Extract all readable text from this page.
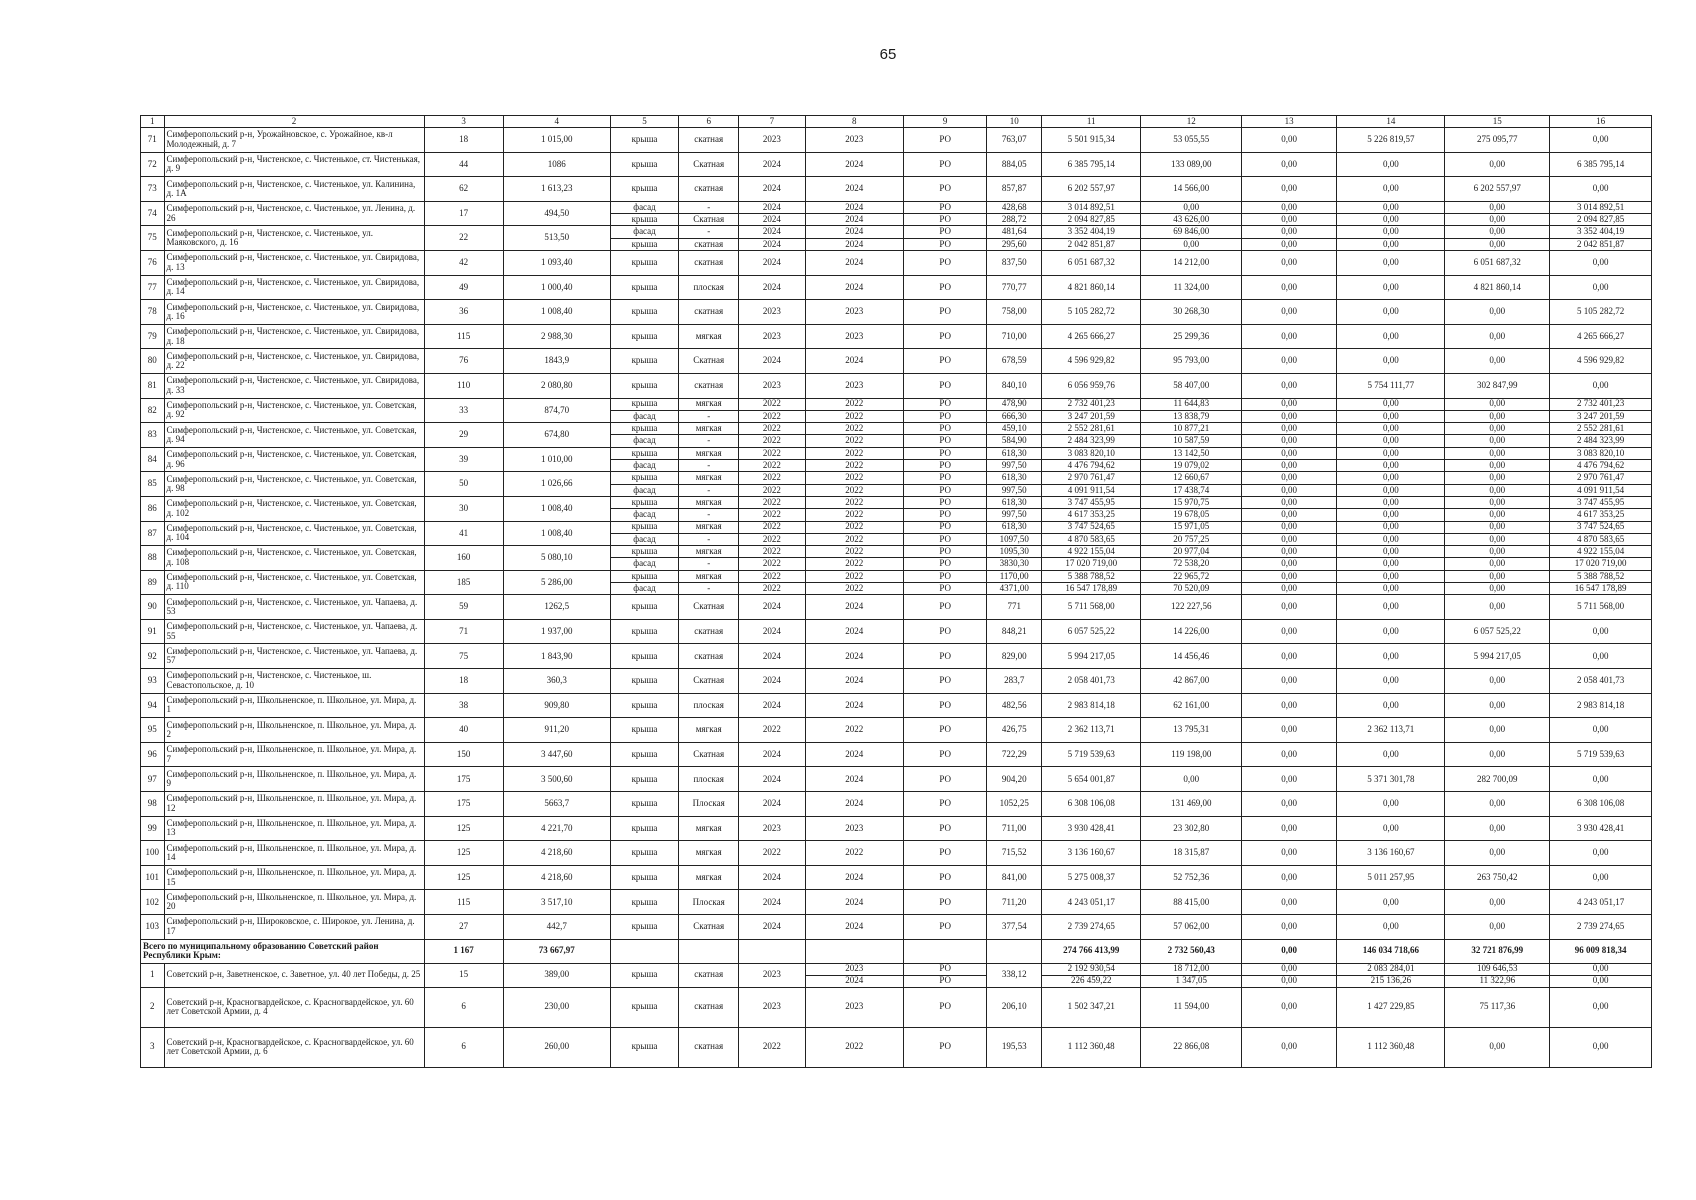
65
1	2	3	4	5	6	7	8	9	10	11	12	13	14	15	16
71	Симферопольский р-н, Урожайновское, с. Урожайное, кв-л Молодежный, д. 7	18	1 015,00	крыша	скатная	2023	2023	РО	763,07	5 501 915,34	53 055,55	0,00	5 226 819,57	275 095,77	0,00
72	Симферопольский р-н, Чистенское, с. Чистенькое, ст. Чистенькая, д. 9	44	1086	крыша	Скатная	2024	2024	РО	884,05	6 385 795,14	133 089,00	0,00	0,00	0,00	6 385 795,14
73	Симферопольский р-н, Чистенское, с. Чистенькое, ул. Калинина, д. 1А	62	1 613,23	крыша	скатная	2024	2024	РО	857,87	6 202 557,97	14 566,00	0,00	0,00	6 202 557,97	0,00
74	Симферопольский р-н, Чистенское, с. Чистенькое, ул. Ленина, д. 26	17	494,50	фасад	-	2024	2024	РО	428,68	3 014 892,51	0,00	0,00	0,00	0,00	3 014 892,51
				крыша	Скатная	2024	2024	РО	288,72	2 094 827,85	43 626,00	0,00	0,00	0,00	2 094 827,85
75	Симферопольский р-н, Чистенское, с. Чистенькое, ул. Маяковского, д. 16	22	513,50	фасад	-	2024	2024	РО	481,64	3 352 404,19	69 846,00	0,00	0,00	0,00	3 352 404,19
				крыша	скатная	2024	2024	РО	295,60	2 042 851,87	0,00	0,00	0,00	0,00	2 042 851,87
76	Симферопольский р-н, Чистенское, с. Чистенькое, ул. Свиридова, д. 13	42	1 093,40	крыша	скатная	2024	2024	РО	837,50	6 051 687,32	14 212,00	0,00	0,00	6 051 687,32	0,00
77	Симферопольский р-н, Чистенское, с. Чистенькое, ул. Свиридова, д. 14	49	1 000,40	крыша	плоская	2024	2024	РО	770,77	4 821 860,14	11 324,00	0,00	0,00	4 821 860,14	0,00
78	Симферопольский р-н, Чистенское, с. Чистенькое, ул. Свиридова, д. 16	36	1 008,40	крыша	скатная	2023	2023	РО	758,00	5 105 282,72	30 268,30	0,00	0,00	0,00	5 105 282,72
79	Симферопольский р-н, Чистенское, с. Чистенькое, ул. Свиридова, д. 18	115	2 988,30	крыша	мягкая	2023	2023	РО	710,00	4 265 666,27	25 299,36	0,00	0,00	0,00	4 265 666,27
80	Симферопольский р-н, Чистенское, с. Чистенькое, ул. Свиридова, д. 22	76	1843,9	крыша	Скатная	2024	2024	РО	678,59	4 596 929,82	95 793,00	0,00	0,00	0,00	4 596 929,82
81	Симферопольский р-н, Чистенское, с. Чистенькое, ул. Свиридова, д. 33	110	2 080,80	крыша	скатная	2023	2023	РО	840,10	6 056 959,76	58 407,00	0,00	5 754 111,77	302 847,99	0,00
82	Симферопольский р-н, Чистенское, с. Чистенькое, ул. Советская, д. 92	33	874,70	крыша	мягкая	2022	2022	РО	478,90	2 732 401,23	11 644,83	0,00	0,00	0,00	2 732 401,23
				фасад	-	2022	2022	РО	666,30	3 247 201,59	13 838,79	0,00	0,00	0,00	3 247 201,59
83	Симферопольский р-н, Чистенское, с. Чистенькое, ул. Советская, д. 94	29	674,80	крыша	мягкая	2022	2022	РО	459,10	2 552 281,61	10 877,21	0,00	0,00	0,00	2 552 281,61
				фасад	-	2022	2022	РО	584,90	2 484 323,99	10 587,59	0,00	0,00	0,00	2 484 323,99
84	Симферопольский р-н, Чистенское, с. Чистенькое, ул. Советская, д. 96	39	1 010,00	крыша	мягкая	2022	2022	РО	618,30	3 083 820,10	13 142,50	0,00	0,00	0,00	3 083 820,10
				фасад	-	2022	2022	РО	997,50	4 476 794,62	19 079,02	0,00	0,00	0,00	4 476 794,62
85	Симферопольский р-н, Чистенское, с. Чистенькое, ул. Советская, д. 98	50	1 026,66	крыша	мягкая	2022	2022	РО	618,30	2 970 761,47	12 660,67	0,00	0,00	0,00	2 970 761,47
				фасад	-	2022	2022	РО	997,50	4 091 911,54	17 438,74	0,00	0,00	0,00	4 091 911,54
86	Симферопольский р-н, Чистенское, с. Чистенькое, ул. Советская, д. 102	30	1 008,40	крыша	мягкая	2022	2022	РО	618,30	3 747 455,95	15 970,75	0,00	0,00	0,00	3 747 455,95
				фасад	-	2022	2022	РО	997,50	4 617 353,25	19 678,05	0,00	0,00	0,00	4 617 353,25
87	Симферопольский р-н, Чистенское, с. Чистенькое, ул. Советская, д. 104	41	1 008,40	крыша	мягкая	2022	2022	РО	618,30	3 747 524,65	15 971,05	0,00	0,00	0,00	3 747 524,65
				фасад	-	2022	2022	РО	1097,50	4 870 583,65	20 757,25	0,00	0,00	0,00	4 870 583,65
88	Симферопольский р-н, Чистенское, с. Чистенькое, ул. Советская, д. 108	160	5 080,10	крыша	мягкая	2022	2022	РО	1095,30	4 922 155,04	20 977,04	0,00	0,00	0,00	4 922 155,04
				фасад	-	2022	2022	РО	3830,30	17 020 719,00	72 538,20	0,00	0,00	0,00	17 020 719,00
89	Симферопольский р-н, Чистенское, с. Чистенькое, ул. Советская, д. 110	185	5 286,00	крыша	мягкая	2022	2022	РО	1170,00	5 388 788,52	22 965,72	0,00	0,00	0,00	5 388 788,52
				фасад	-	2022	2022	РО	4371,00	16 547 178,89	70 520,09	0,00	0,00	0,00	16 547 178,89
90	Симферопольский р-н, Чистенское, с. Чистенькое, ул. Чапаева, д. 53	59	1262,5	крыша	Скатная	2024	2024	РО	771	5 711 568,00	122 227,56	0,00	0,00	0,00	5 711 568,00
91	Симферопольский р-н, Чистенское, с. Чистенькое, ул. Чапаева, д. 55	71	1 937,00	крыша	скатная	2024	2024	РО	848,21	6 057 525,22	14 226,00	0,00	0,00	6 057 525,22	0,00
92	Симферопольский р-н, Чистенское, с. Чистенькое, ул. Чапаева, д. 57	75	1 843,90	крыша	скатная	2024	2024	РО	829,00	5 994 217,05	14 456,46	0,00	0,00	5 994 217,05	0,00
93	Симферопольский р-н, Чистенское, с. Чистенькое, ш. Севастопольское, д. 10	18	360,3	крыша	Скатная	2024	2024	РО	283,7	2 058 401,73	42 867,00	0,00	0,00	0,00	2 058 401,73
94	Симферопольский р-н, Школьненское, п. Школьное, ул. Мира, д. 1	38	909,80	крыша	плоская	2024	2024	РО	482,56	2 983 814,18	62 161,00	0,00	0,00	0,00	2 983 814,18
95	Симферопольский р-н, Школьненское, п. Школьное, ул. Мира, д. 2	40	911,20	крыша	мягкая	2022	2022	РО	426,75	2 362 113,71	13 795,31	0,00	2 362 113,71	0,00	0,00
96	Симферопольский р-н, Школьненское, п. Школьное, ул. Мира, д. 7	150	3 447,60	крыша	Скатная	2024	2024	РО	722,29	5 719 539,63	119 198,00	0,00	0,00	0,00	5 719 539,63
97	Симферопольский р-н, Школьненское, п. Школьное, ул. Мира, д. 9	175	3 500,60	крыша	плоская	2024	2024	РО	904,20	5 654 001,87	0,00	0,00	5 371 301,78	282 700,09	0,00
98	Симферопольский р-н, Школьненское, п. Школьное, ул. Мира, д. 12	175	5663,7	крыша	Плоская	2024	2024	РО	1052,25	6 308 106,08	131 469,00	0,00	0,00	0,00	6 308 106,08
99	Симферопольский р-н, Школьненское, п. Школьное, ул. Мира, д. 13	125	4 221,70	крыша	мягкая	2023	2023	РО	711,00	3 930 428,41	23 302,80	0,00	0,00	0,00	3 930 428,41
100	Симферопольский р-н, Школьненское, п. Школьное, ул. Мира, д. 14	125	4 218,60	крыша	мягкая	2022	2022	РО	715,52	3 136 160,67	18 315,87	0,00	3 136 160,67	0,00	0,00
101	Симферопольский р-н, Школьненское, п. Школьное, ул. Мира, д. 15	125	4 218,60	крыша	мягкая	2024	2024	РО	841,00	5 275 008,37	52 752,36	0,00	5 011 257,95	263 750,42	0,00
102	Симферопольский р-н, Школьненское, п. Школьное, ул. Мира, д. 20	115	3 517,10	крыша	Плоская	2024	2024	РО	711,20	4 243 051,17	88 415,00	0,00	0,00	0,00	4 243 051,17
103	Симферопольский р-н, Широковское, с. Широкое, ул. Ленина, д. 17	27	442,7	крыша	Скатная	2024	2024	РО	377,54	2 739 274,65	57 062,00	0,00	0,00	0,00	2 739 274,65
Всего по муниципальному образованию Советский район Республики Крым:		1 167	73 667,97							274 766 413,99	2 732 560,43	0,00	146 034 718,66	32 721 876,99	96 009 818,34
1	Советский р-н, Заветненское, с. Заветное, ул. 40 лет Победы, д. 25	15	389,00	крыша	скатная	2023	2023	РО	338,12	2 192 930,54	18 712,00	0,00	2 083 284,01	109 646,53	0,00
							2024	РО		226 459,22	1 347,05	0,00	215 136,26	11 322,96	0,00
2	Советский р-н, Красногвардейское, с. Красногвардейское, ул. 60 лет Советской Армии, д. 4	6	230,00	крыша	скатная	2023	2023	РО	206,10	1 502 347,21	11 594,00	0,00	1 427 229,85	75 117,36	0,00
3	Советский р-н, Красногвардейское, с. Красногвардейское, ул. 60 лет Советской Армии, д. 6	6	260,00	крыша	скатная	2022	2022	РО	195,53	1 112 360,48	22 866,08	0,00	1 112 360,48	0,00	0,00
